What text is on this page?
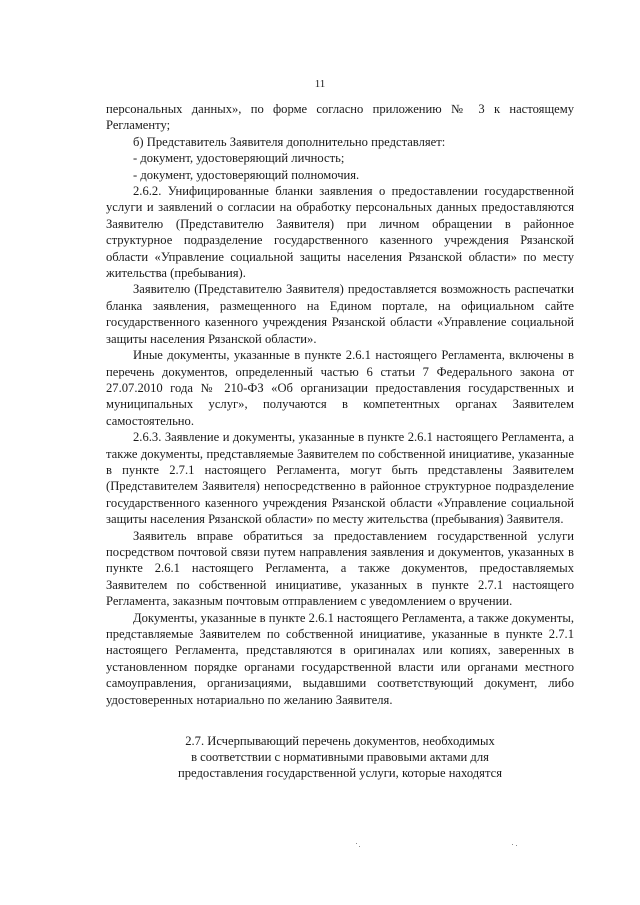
11

персональных данных», по форме согласно приложению № 3 к настоящему Регламенту;

б) Представитель Заявителя дополнительно представляет:

- документ, удостоверяющий личность;

- документ, удостоверяющий полномочия.

2.6.2. Унифицированные бланки заявления о предоставлении государственной услуги и заявлений о согласии на обработку персональных данных предоставляются Заявителю (Представителю Заявителя) при личном обращении в районное структурное подразделение государственного казенного учреждения Рязанской области «Управление социальной защиты населения Рязанской области» по месту жительства (пребывания).

Заявителю (Представителю Заявителя) предоставляется возможность распечатки бланка заявления, размещенного на Едином портале, на официальном сайте государственного казенного учреждения Рязанской области «Управление социальной защиты населения Рязанской области».

Иные документы, указанные в пункте 2.6.1 настоящего Регламента, включены в перечень документов, определенный частью 6 статьи 7 Федерального закона от 27.07.2010 года № 210-ФЗ «Об организации предоставления государственных и муниципальных услуг», получаются в компетентных органах Заявителем самостоятельно.

2.6.3. Заявление и документы, указанные в пункте 2.6.1 настоящего Регламента, а также документы, представляемые Заявителем по собственной инициативе, указанные в пункте 2.7.1 настоящего Регламента, могут быть представлены Заявителем (Представителем Заявителя) непосредственно в районное структурное подразделение государственного казенного учреждения Рязанской области «Управление социальной защиты населения Рязанской области» по месту жительства (пребывания) Заявителя.

Заявитель вправе обратиться за предоставлением государственной услуги посредством почтовой связи путем направления заявления и документов, указанных в пункте 2.6.1 настоящего Регламента, а также документов, предоставляемых Заявителем по собственной инициативе, указанных в пункте 2.7.1 настоящего Регламента, заказным почтовым отправлением с уведомлением о вручении.

Документы, указанные в пункте 2.6.1 настоящего Регламента, а также документы, представляемые Заявителем по собственной инициативе, указанные в пункте 2.7.1 настоящего Регламента, представляются в оригиналах или копиях, заверенных в установленном порядке органами государственной власти или органами местного самоуправления, организациями, выдавшими соответствующий документ, либо удостоверенных нотариально по желанию Заявителя.

2.7. Исчерпывающий перечень документов, необходимых
в соответствии с нормативными правовыми актами для
предоставления государственной услуги, которые находятся
